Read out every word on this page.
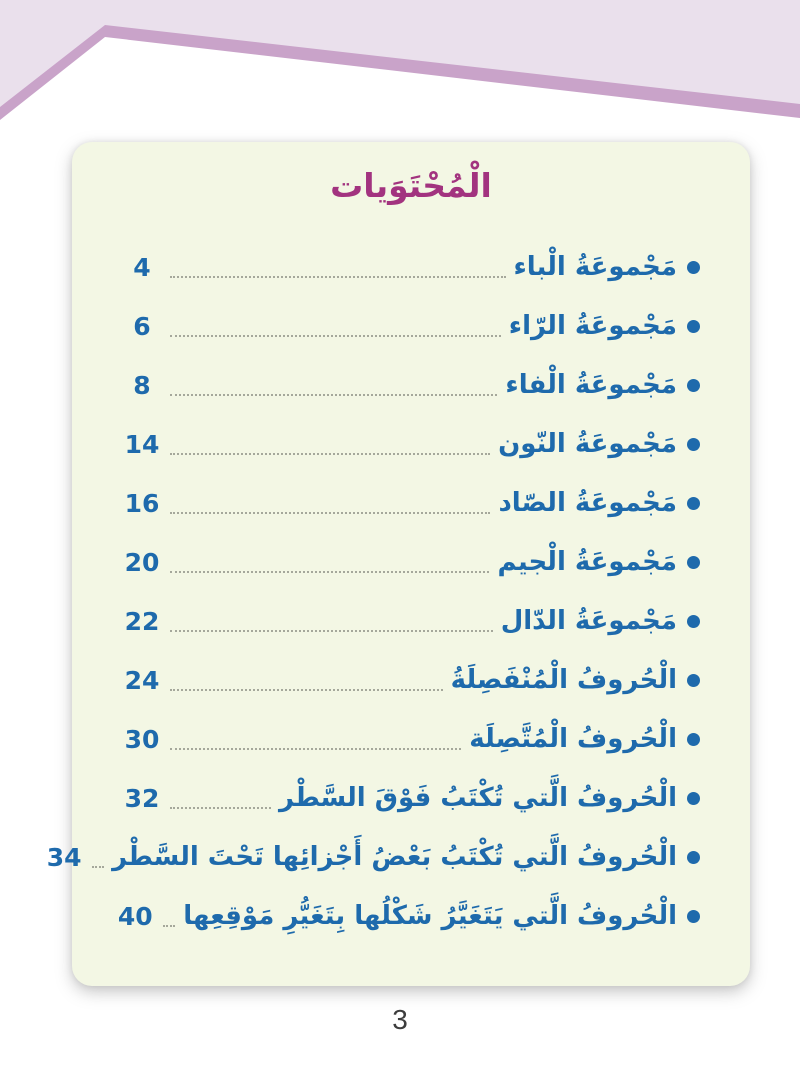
الْمُحْتَوَيات
مَجْموعَةُ الْباء
4
مَجْموعَةُ الرّاء
6
مَجْموعَةُ الْفاء
8
مَجْموعَةُ النّون
14
مَجْموعَةُ الصّاد
16
مَجْموعَةُ الْجيم
20
مَجْموعَةُ الدّال
22
الْحُروفُ الْمُنْفَصِلَةُ
24
الْحُروفُ الْمُتَّصِلَة
30
الْحُروفُ الَّتي تُكْتَبُ فَوْقَ السَّطْر
32
الْحُروفُ الَّتي تُكْتَبُ بَعْضُ أَجْزائِها تَحْتَ السَّطْر
34
الْحُروفُ الَّتي يَتَغَيَّرُ شَكْلُها بِتَغَيُّرِ مَوْقِعِها
40
3
